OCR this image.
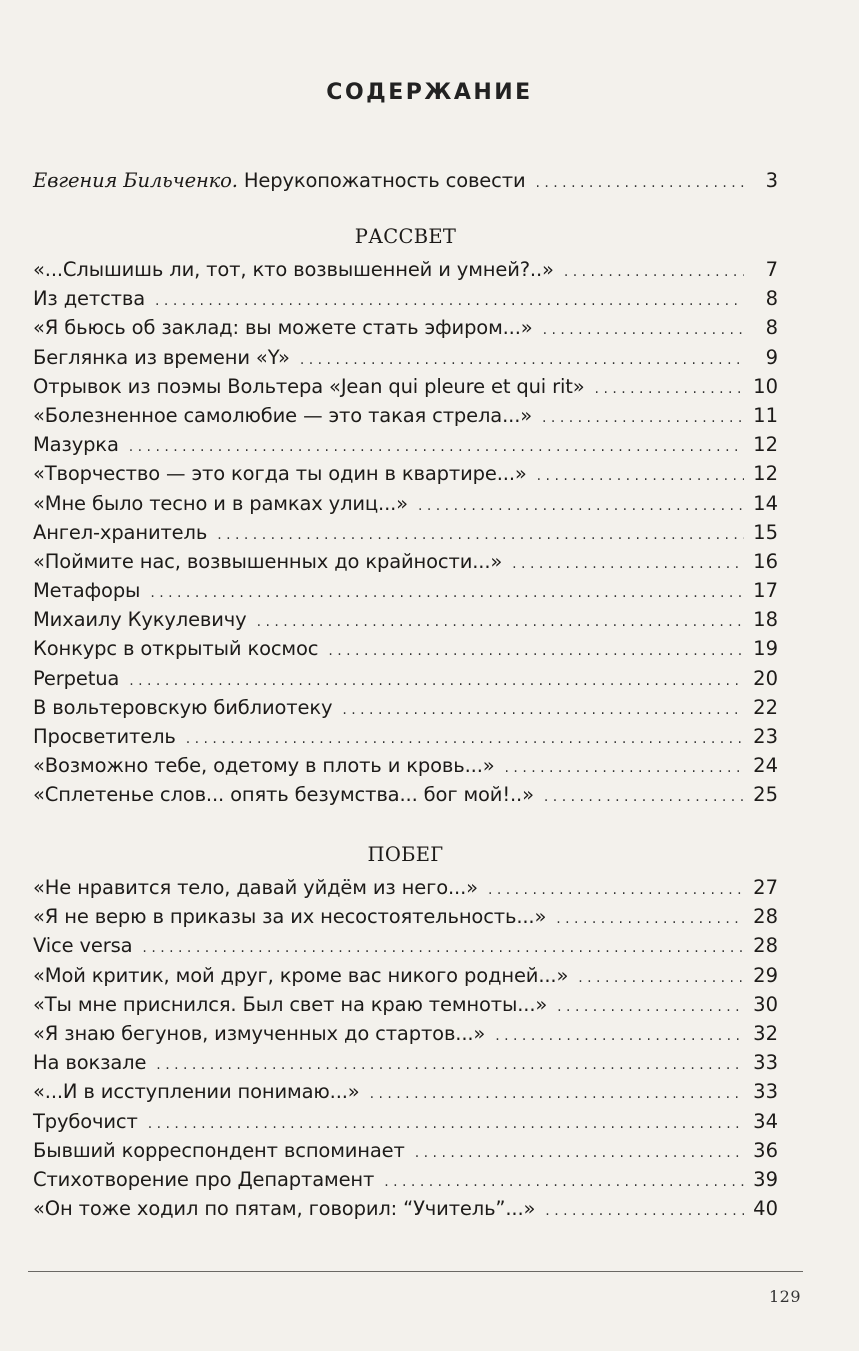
СОДЕРЖАНИЕ
Евгения Бильченко. Нерукопожатность совести . . .	3
РАССВЕТ
«...Слышишь ли, тот, кто возвышенней и умней?..» . . .	7
Из детства . . .	8
«Я бьюсь об заклад: вы можете стать эфиром...» . . .	8
Беглянка из времени «Y» . . .	9
Отрывок из поэмы Вольтера «Jean qui pleure et qui rit» . . .	10
«Болезненное самолюбие — это такая стрела...» . . .	11
Мазурка . . .	12
«Творчество — это когда ты один в квартире...» . . .	12
«Мне было тесно и в рамках улиц...» . . .	14
Ангел-хранитель . . .	15
«Поймите нас, возвышенных до крайности...» . . .	16
Метафоры . . .	17
Михаилу Кукулевичу . . .	18
Конкурс в открытый космос . . .	19
Perpetua . . .	20
В вольтеровскую библиотеку . . .	22
Просветитель . . .	23
«Возможно тебе, одетому в плоть и кровь...» . . .	24
«Сплетенье слов... опять безумства... бог мой!..» . . .	25
ПОБЕГ
«Не нравится тело, давай уйдём из него...» . . .	27
«Я не верю в приказы за их несостоятельность...» . . .	28
Vice versa . . .	28
«Мой критик, мой друг, кроме вас никого родней...» . . .	29
«Ты мне приснился. Был свет на краю темноты...» . . .	30
«Я знаю бегунов, измученных до стартов...» . . .	32
На вокзале . . .	33
«...И в исступлении понимаю...» . . .	33
Трубочист . . .	34
Бывший корреспондент вспоминает . . .	36
Стихотворение про Департамент . . .	39
«Он тоже ходил по пятам, говорил: “Учитель”...» . . .	40
129
